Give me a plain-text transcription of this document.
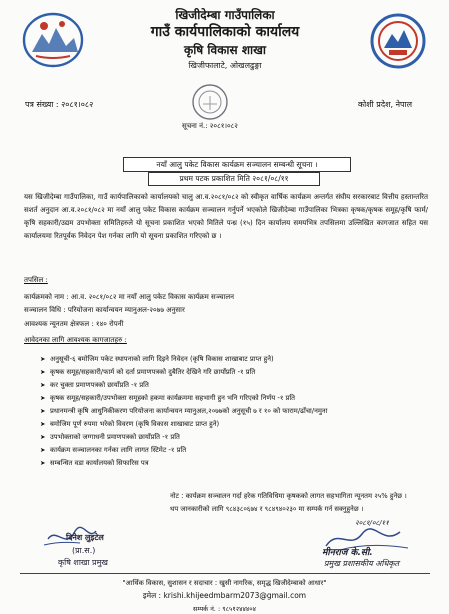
खिजीदेम्बा गाउँपालिका
गाउँ कार्यपालिकाको कार्यालय
कृषि विकास शाखा
खिजीफालाटे, ओखलढुङ्गा
पत्र संख्या : २०८१।०८२	कोशी प्रदेश, नेपाल
सूचना नं.: २०८१।०८२
नयाँ आलु पकेट विकास कार्यक्रम सञ्चालन सम्बन्धी सूचना ।
प्रथम पटक प्रकाशित मिति २०८१/०८/११
यस खिजीदेम्बा गाउँपालिका, गाउँ कार्यपालिकाको कार्यालयको चालु आ.व.२०८१/०८२ को स्वीकृत वार्षिक कार्यक्रम अन्तर्गत संघीय सरकारबाट वित्तीय हस्तान्तरित सशर्त अनुदान आ.व.२०८१/०८२ मा नयाँ आलु पकेट विकास कार्यक्रम सञ्चालन गर्नुपर्ने भएकोले खिजीदेम्बा गाउँपालिका भित्रका कृषक/कृषक समूह/कृषि फार्म/कृषि सहकारी/उद्यम उपभोक्ता समितिहरुले यो सूचना प्रकाशित भएको मितिले पन्ध्र (१५) दिन कार्यालय समयभित्र तपसिलमा उल्लिखित कागजात सहित यस कार्यालयमा रितपूर्वक निवेदन पेश गर्नका लागि यो सूचना प्रकाशित गरिएको छ ।
तपसिल :
कार्यक्रमको नाम : आ.व. २०८१/०८२ मा नयाँ आलु पकेट विकास कार्यक्रम सञ्चालन
सञ्चालन विधि : परियोजना कार्यान्वयन म्यानुअल-२०७७ अनुसार
आवश्यक न्यूनतम क्षेत्रफल : १४० रोपनी
आवेदनका लागि आवश्यक कागजातहरु :
➤ अनुसूची-६ बमोजिम पकेट स्थापनाको लागि दिइने निवेदन (कृषि विकास शाखाबाट प्राप्त हुने)
➤ कृषक समूह/सहकारी/फार्म को दर्ता प्रमाणपत्रको दुबैतिर देखिने गरि छायाँप्रति -१ प्रति
➤ कर चुक्ता प्रमाणपत्रको छायाँप्रति -१ प्रति
➤ कृषक समूह/सहकारी/उपभोक्ता समूहको हकमा कार्यक्रममा सहभागी हुन भनि गरिएको निर्णय -१ प्रति
➤ प्रधानमन्त्री कृषि आधुनिकीकरण परियोजना कार्यान्वयन म्यानुअल,२०७७को अनुसूची ७ र १० को फाराम/ढाँचा/नमुना
➤ बमोजिम पूर्ण रुपमा भरेको विवरण (कृषि विकास शाखाबाट प्राप्त हुने)
➤ उपभोक्ताको जग्गाधनी प्रमाणपत्रको छायाँप्रति -१ प्रति
➤ कार्यक्रम सञ्चालनका गर्नका लागि लागत स्टिमेट -१ प्रति
➤ सम्बन्धित वडा कार्यालयको सिफारिस पत्र
नोट : कार्यक्रम सञ्चालन गर्दा हरेक गतिविधिमा कृषकको लागत सहभागिता न्यूनतम २५% हुनेछ ।
थप जानकारीको लागि ९८४३८०६७४ र ९८४९४०२३० मा सम्पर्क गर्न सक्नुहुनेछ ।
दिनेश लुइटेल
(प्रा.स.)
कृषि शाखा प्रमुख
२०८१/०८/११
मीनराज के.सी.
प्रमुख प्रशासकीय अधिकृत
"आर्थिक विकास, सुशासन र सदाचार : खुसी नागरिक, समृद्ध खिजीदेम्बाको आधार"
इमेल : krishi.khijeedmbarm2073@gmail.com
सम्पर्क नं. : ९८५१२४४४०४
